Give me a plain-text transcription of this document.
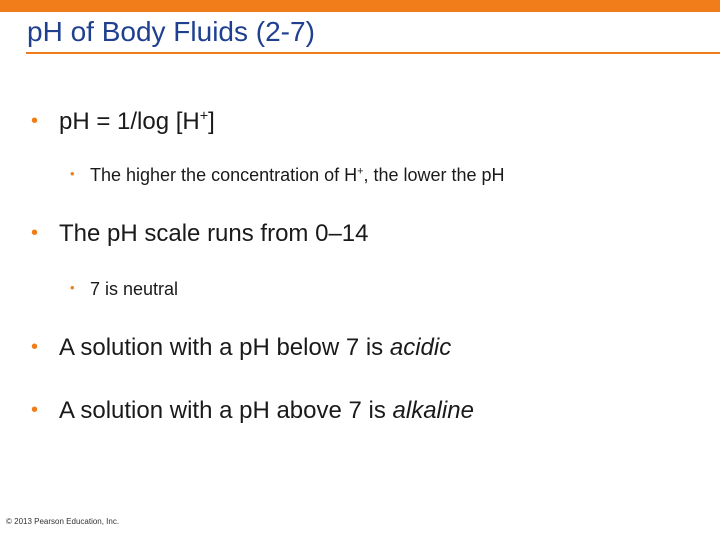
pH of Body Fluids (2-7)
• pH = 1/log [H+]
• The higher the concentration of H+, the lower the pH
• The pH scale runs from 0–14
• 7 is neutral
• A solution with a pH below 7 is acidic
• A solution with a pH above 7 is alkaline
© 2013 Pearson Education, Inc.
